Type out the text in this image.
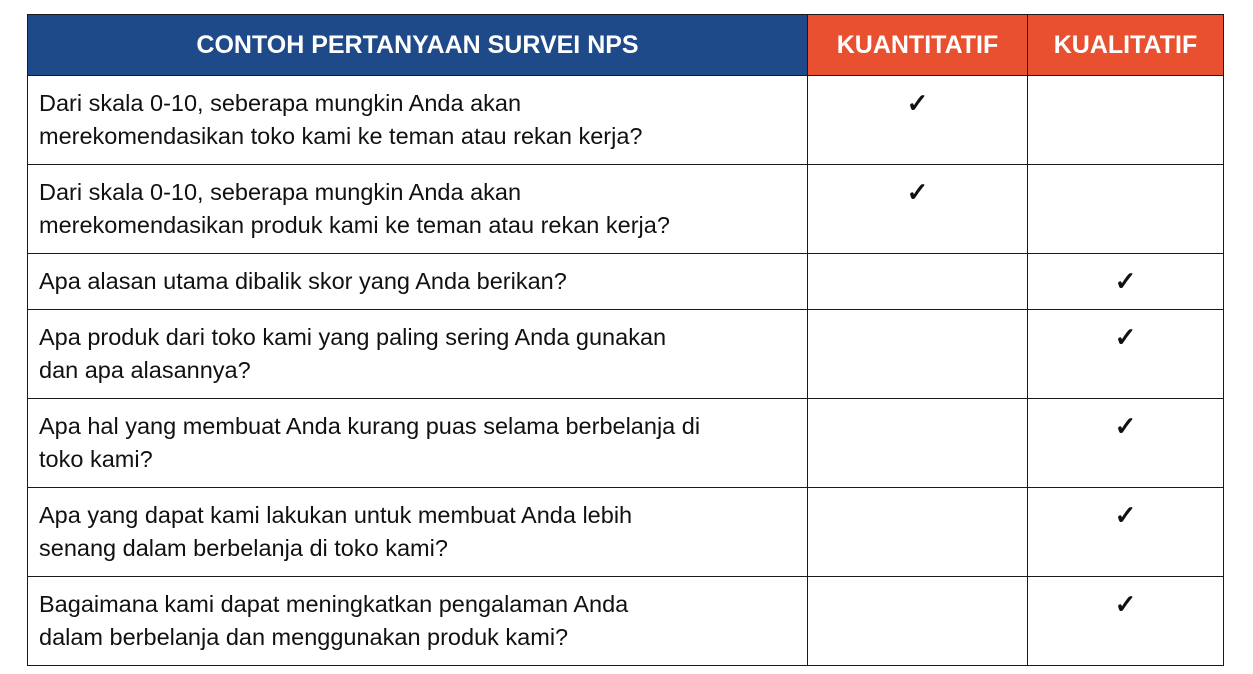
CONTOH PERTANYAAN SURVEI NPS	KUANTITATIF	KUALITATIF
Dari skala 0-10, seberapa mungkin Anda akan
merekomendasikan toko kami ke teman atau rekan kerja?	✓	
Dari skala 0-10, seberapa mungkin Anda akan
merekomendasikan produk kami ke teman atau rekan kerja?	✓	
Apa alasan utama dibalik skor yang Anda berikan?		✓
Apa produk dari toko kami yang paling sering Anda gunakan
dan apa alasannya?		✓
Apa hal yang membuat Anda kurang puas selama berbelanja di
toko kami?		✓
Apa yang dapat kami lakukan untuk membuat Anda lebih
senang dalam berbelanja di toko kami?		✓
Bagaimana kami dapat meningkatkan pengalaman Anda
dalam berbelanja dan menggunakan produk kami?		✓
